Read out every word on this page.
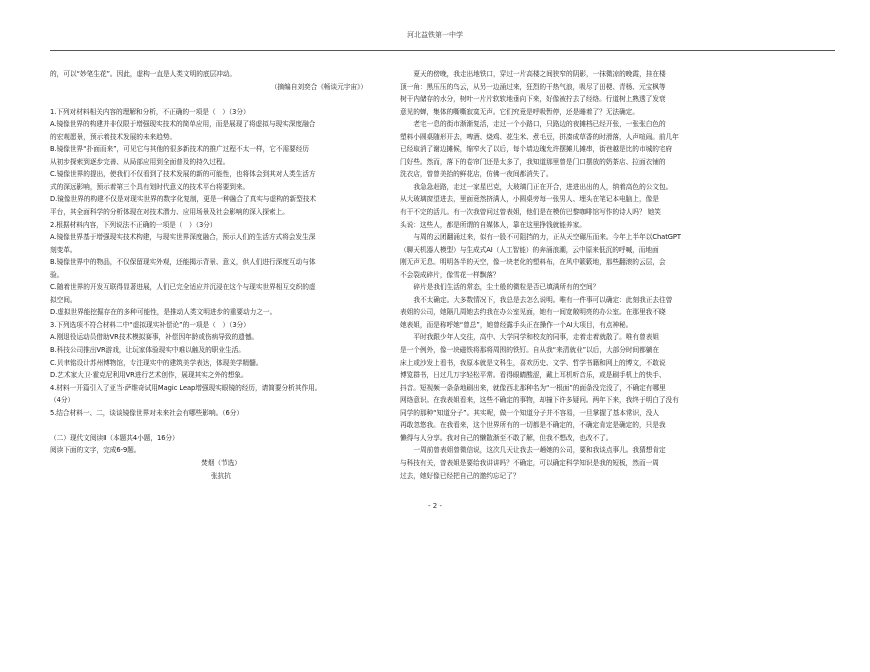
河北益铁第一中学

的，可以“妙笔生花”。因此，虚构一直是人类文明的底层冲动。

（摘编自刘奕合《畅谈元宇宙》）

1.下列对材料相关内容的理解和分析，不正确的一项是（　）（3分）

A.镜像世界的构建并非仅限于增强现实技术的简单应用，而是展现了将虚拟与现实深度融合

的宏观愿景，预示着技术发展的未来趋势。

B.镜像世界“扑面而来”，可见它与其他的很多新技术的推广过程不太一样，它不需要经历

从初步探索到逐步完善、从局部应用到全面普及的持久过程。

C.镜像世界的提出，使我们不仅看到了技术发展的新的可能性，也将体会到其对人类生活方

式的深远影响，预示着第三个具有划时代意义的技术平台将要到来。

D.镜像世界的构建不仅是对现实世界的数字化复制，更是一种融合了真实与虚构的新型技术

平台，其全面科学的分析体现在对技术潜力、应用场景及社会影响的深入探索上。

2.根据材料内容，下列说法不正确的一项是（　）（3分）

A.镜像世界基于增强现实技术构建，与现实世界深度融合，预示人们的生活方式将会发生深

刻变革。

B.镜像世界中的物品，不仅保留现实外观，还能揭示背景、意义，供人们进行深度互动与体

验。

C.随着世界的开发互联得显著进展，人们已完全适应并沉浸在这个与现实世界相互交织的虚

拟空间。

D.虚拟世界能挖掘存在的多种可能性，是推动人类文明进步的重要动力之一。

3.下列选项不符合材料二中“虚拟现实补偿论”的一项是（　）（3分）

A.刚退役运动员借助VR技术模拟赛事，补偿因年龄或伤病导致的遗憾。

B.科技公司推出VR游戏，让玩家体验现实中难以触及的职业生活。

C.贝聿铭设计苏州博物馆，专注现实中的建筑美学表达，体现美学精髓。

D.艺术家大卫·霍克尼利用VR进行艺术创作，展现其实之外的想象。

4.材料一开篇引入了亚当·萨维奇试用Magic Leap增强现实眼镜的经历，请简要分析其作用。

（4分）

5.结合材料一、二，谈谈镜像世界对未来社会有哪些影响。（6分）

（二）现代文阅读Ⅱ（本题共4小题，16分）

阅读下面的文字，完成6-9题。

焚烟（节选）

张抗抗

夏天的傍晚，我走出地铁口，穿过一片高楼之间狭窄的阴影，一抹微凉的晚霞，挂在楼

顶一角：黑压压的鸟云，从另一边涌过来，狂烈的干热气浪，吸尽了田梗、青杨、元宝枫等

树干内储存的水分，树叶一片片软软地垂向下来，好像被拧去了经络。行道树上熟透了发衰

意见的蝉，集体的嘶嘶寂寞无声。它们究竟是呼吸暂停，还是睡着了？无法确定。

老宅一息的街市渐渐复活，走过一个小路口，只路边的夜摊档已经开张，一张张白色的

塑料小圆桌随形开去，啤酒、烧鸡、花生米、煮毛豆，拼凑成草香的时滑落，人声喧闹。前几年

已经取消了谢边摊候，缩窄火了以后，每个墙边瑰允许摆摊儿摊串，街巷越是比的市城的宅府

门好些。然而，落下的卷帘门还是太多了，我知道那里曾是门口摆放的奶茶店、拉面衣铺的

洗衣店，曾曾美抬的鲜花店，仿佛一夜间都消失了。

我急急赶路，走过一家星巴克，大玻璃门正在开合，进进出出的人，纳着高色的公文包。

从大玻璃窗望进去，里面竟然挤满人，小圆桌旁每一张男人、埋头在笔记本电脑上，像是

有干不完的活儿。有一次我曾问过曾表姐，他们是在模仿巴黎咖啡馆写作的诗人吗？ 她笑

头说：这些人，都是所谓的自媒体人，靠在这里挣钱就能养家。

与周的云团翻涌过来，似有一股不可阻挡的力，正从天空碾压而来。今年上半年以ChatGPT

（聊天机器人模型）与生成式AI（人工智能）的奔涌浪潮，云中原来低沉的呼喊，而地面

刚无声无息。明明各半的天空，像一块老化的塑料布，在风中簌簌地，那些翻滚的云层，会

不会裂成碎片，像雪花一样飘落？

碎片是我们生活的常态，尘土般的微粒是否已填满所有的空间？

我不太确定。大多数情况下，我总是去怎么说明。唯有一件事可以确定：此刻我正去往曾

表姐的公司，她隔几周她去约我在办公室见面，她有一间宽敞明亮的办公室。在那里我不晓

她表姐，而是称呼她“曾总”，她曾经露手头正在操作一个AI大项目，有点神秘。

平时我跟少年人交往，高中、大学同学和校友的同事，走着走着就散了。唯有曾表姐

是一个例外，像一块磁铁将那将周围的铁钉。自从我“来清就业”以后，大部分时间都躺在

床上或沙发上看书，我原本就是文科生，喜欢历史、文学、哲学书籍和网上的博文，不敢说

博览群书，日过几万字轻松平常。看得眼睛酸涩，戴上耳机听音乐，或是刷手机上的快手、

抖音。短视频一条条地刷出来，就像西北那种名为“一根面”的面条没完没了，不确定有哪里

网络意识。在我表姐看来，这些不确定的事物，却撞下许多疑问。两年下来，我终于明白了没有

同学的那种“知道分子”。其实呢，做一个知道分子并不容易，一旦掌握了基本常识，没人

再敢忽悠我。在我看来，这个世界所有的一切都是不确定的，不确定肯定是确定的，只是我

懒得与人分享。我对自己的懒散渐至不敢了解，但我不想改，也改不了。

一周前曾表姐曾微信说，这次几天让我去一趟她的公司，要和我谈点事儿。我猜想肯定

与科技有关，曾表姐是要给我讲讲吗？不确定，可以确定科学知识是我的短板，然而一周

过去，她好像已经把自己的邀约忘记了？

- 2 -
